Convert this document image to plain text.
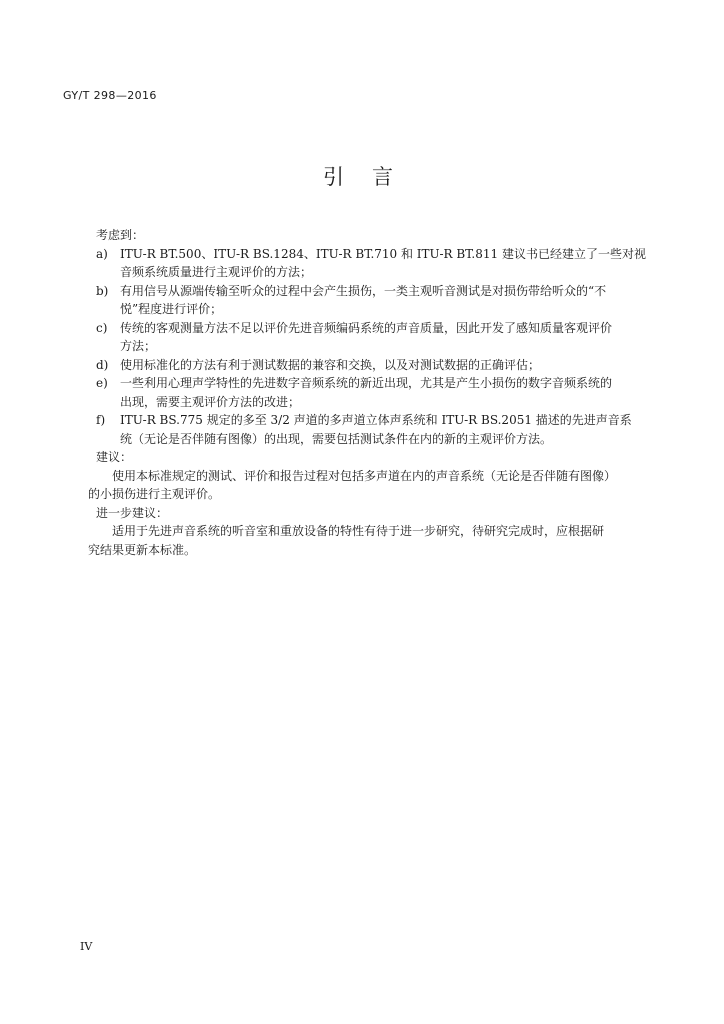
GY/T 298—2016
引言
考虑到：
a)	ITU-R BT.500、ITU-R BS.1284、ITU-R BT.710 和 ITU-R BT.811 建议书已经建立了一些对视
音频系统质量进行主观评价的方法；
b) 有用信号从源端传输至听众的过程中会产生损伤，一类主观听音测试是对损伤带给听众的“不
悦”程度进行评价；
c)	传统的客观测量方法不足以评价先进音频编码系统的声音质量，因此开发了感知质量客观评价
方法；
d) 使用标准化的方法有利于测试数据的兼容和交换，以及对测试数据的正确评估；
e)	一些利用心理声学特性的先进数字音频系统的新近出现，尤其是产生小损伤的数字音频系统的
出现，需要主观评价方法的改进；
f)	ITU-R BS.775 规定的多至 3/2 声道的多声道立体声系统和 ITU-R BS.2051 描述的先进声音系
统（无论是否伴随有图像）的出现，需要包括测试条件在内的新的主观评价方法。
建议：
使用本标准规定的测试、评价和报告过程对包括多声道在内的声音系统（无论是否伴随有图像）
的小损伤进行主观评价。
进一步建议：
适用于先进声音系统的听音室和重放设备的特性有待于进一步研究，待研究完成时，应根据研
究结果更新本标准。
IV
